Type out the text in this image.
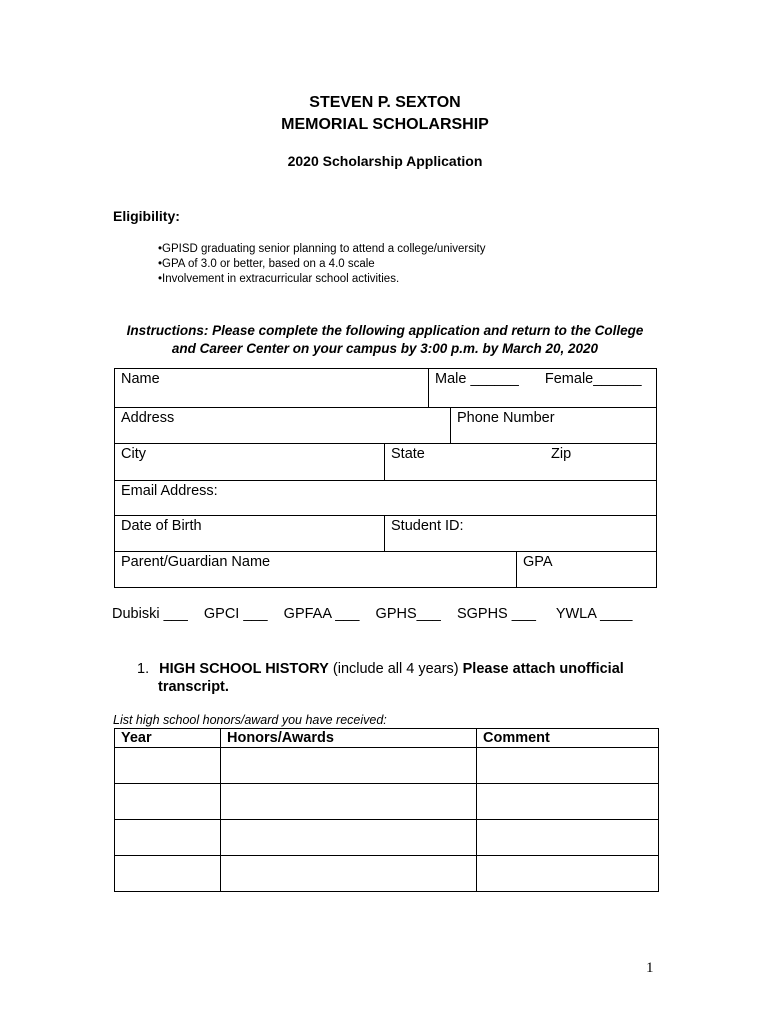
STEVEN P. SEXTON
MEMORIAL SCHOLARSHIP
2020 Scholarship Application
Eligibility:
•GPISD graduating senior planning to attend a college/university
•GPA of 3.0 or better, based on a 4.0 scale
•Involvement in extracurricular school activities.
Instructions: Please complete the following application and return to the College
and Career Center on your campus by 3:00 p.m. by March 20, 2020
Name	Male ______ Female______
Address	Phone Number
City	State	Zip
Email Address:
Date of Birth	Student ID:
Parent/Guardian Name	GPA
Dubiski ___    GPCI ___    GPFAA ___    GPHS___    SGPHS ___     YWLA ____
1. HIGH SCHOOL HISTORY (include all 4 years) Please attach unofficial
transcript.
List high school honors/award you have received:
Year	Honors/Awards	Comment

1
